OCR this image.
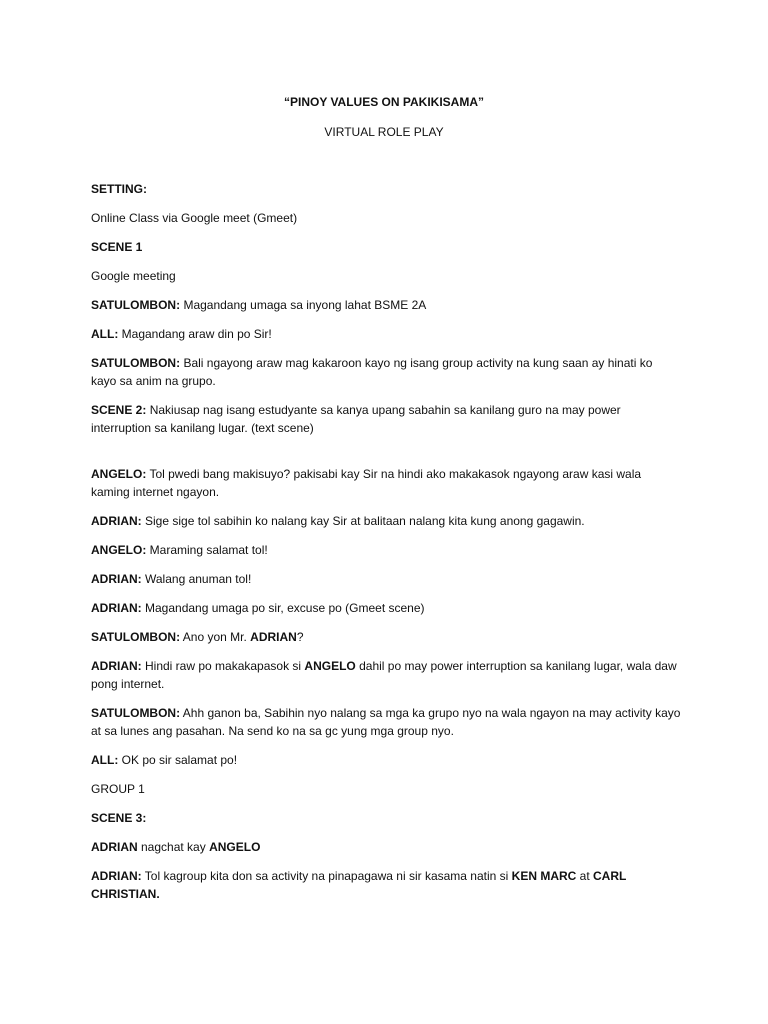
“PINOY VALUES ON PAKIKISAMA”
VIRTUAL ROLE PLAY
SETTING:
Online Class via Google meet (Gmeet)
SCENE 1
Google meeting
SATULOMBON: Magandang umaga sa inyong lahat BSME 2A
ALL: Magandang araw din po Sir!
SATULOMBON: Bali ngayong araw mag kakaroon kayo ng isang group activity na kung saan ay hinati ko kayo sa anim na grupo.
SCENE 2: Nakiusap nag isang estudyante sa kanya upang sabahin sa kanilang guro na may power interruption sa kanilang lugar. (text scene)
ANGELO: Tol pwedi bang makisuyo? pakisabi kay Sir na hindi ako makakasok ngayong araw kasi wala kaming internet ngayon.
ADRIAN: Sige sige tol sabihin ko nalang kay Sir at balitaan nalang kita kung anong gagawin.
ANGELO: Maraming salamat tol!
ADRIAN: Walang anuman tol!
ADRIAN: Magandang umaga po sir, excuse po (Gmeet scene)
SATULOMBON: Ano yon Mr. ADRIAN?
ADRIAN: Hindi raw po makakapasok si ANGELO dahil po may power interruption sa kanilang lugar, wala daw pong internet.
SATULOMBON: Ahh ganon ba, Sabihin nyo nalang sa mga ka grupo nyo na wala ngayon na may activity kayo at sa lunes ang pasahan. Na send ko na sa gc yung mga group nyo.
ALL: OK po sir salamat po!
GROUP 1
SCENE 3:
ADRIAN nagchat kay ANGELO
ADRIAN: Tol kagroup kita don sa activity na pinapagawa ni sir kasama natin si KEN MARC at CARL CHRISTIAN.
